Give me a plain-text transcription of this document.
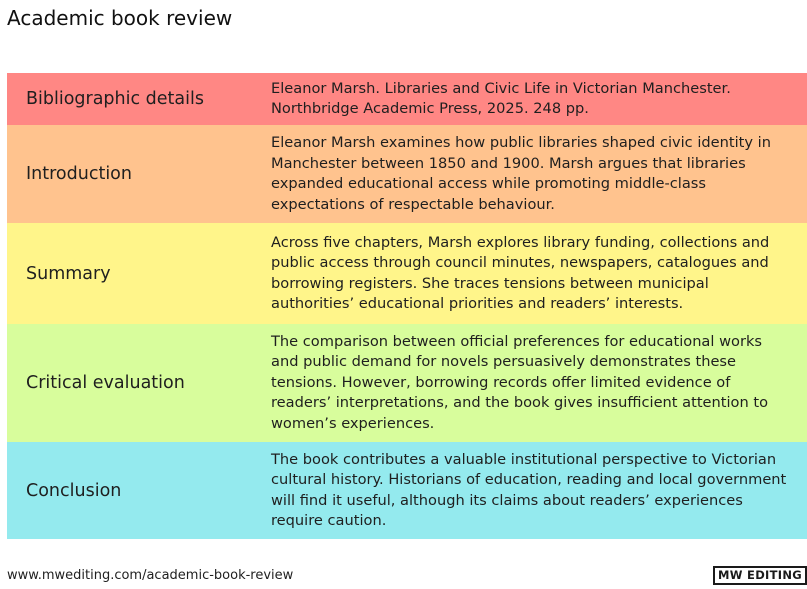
Academic book review
Bibliographic details
Eleanor Marsh. Libraries and Civic Life in Victorian Manchester. Northbridge Academic Press, 2025. 248 pp.
Introduction
Eleanor Marsh examines how public libraries shaped civic identity in Manchester between 1850 and 1900. Marsh argues that libraries expanded educational access while promoting middle-class expectations of respectable behaviour.
Summary
Across five chapters, Marsh explores library funding, collections and public access through council minutes, newspapers, catalogues and borrowing registers. She traces tensions between municipal authorities’ educational priorities and readers’ interests.
Critical evaluation
The comparison between official preferences for educational works and public demand for novels persuasively demonstrates these tensions. However, borrowing records offer limited evidence of readers’ interpretations, and the book gives insufficient attention to women’s experiences.
Conclusion
The book contributes a valuable institutional perspective to Victorian cultural history. Historians of education, reading and local government will find it useful, although its claims about readers’ experiences require caution.
www.mwediting.com/academic-book-review	MW EDITING
